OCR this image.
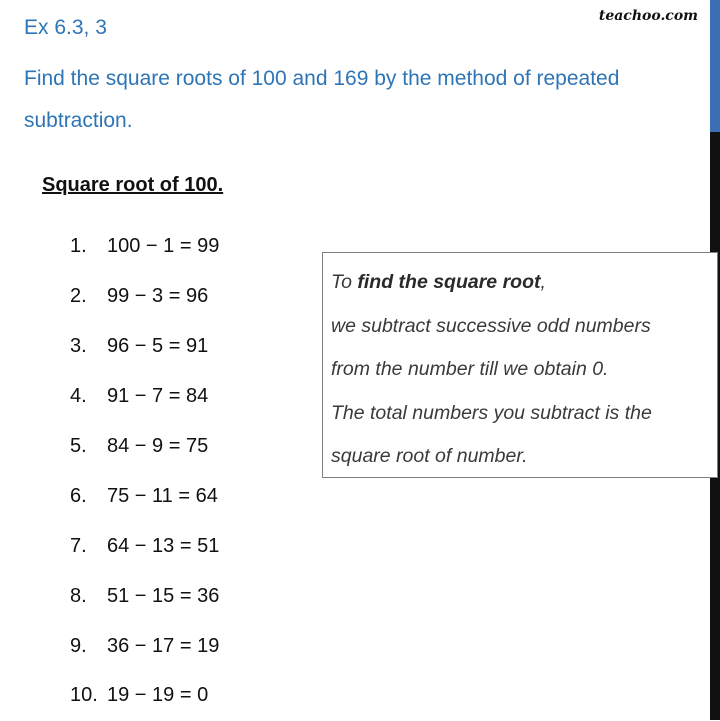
teachoo.com
Ex 6.3, 3
Find the square roots of 100 and 169 by the method of repeated subtraction.
Square root of 100.
1.	100 − 1 = 99
2.	99 − 3 = 96
3.	96 − 5 = 91
4.	91 − 7 = 84
5.	84 − 9 = 75
6.	75 − 11 = 64
7.	64 − 13 = 51
8.	51 − 15 = 36
9.	36 − 17 = 19
10. 19 − 19 = 0
To find the square root,
we subtract successive odd numbers
from the number till we obtain 0.
The total numbers you subtract is the
square root of number.
